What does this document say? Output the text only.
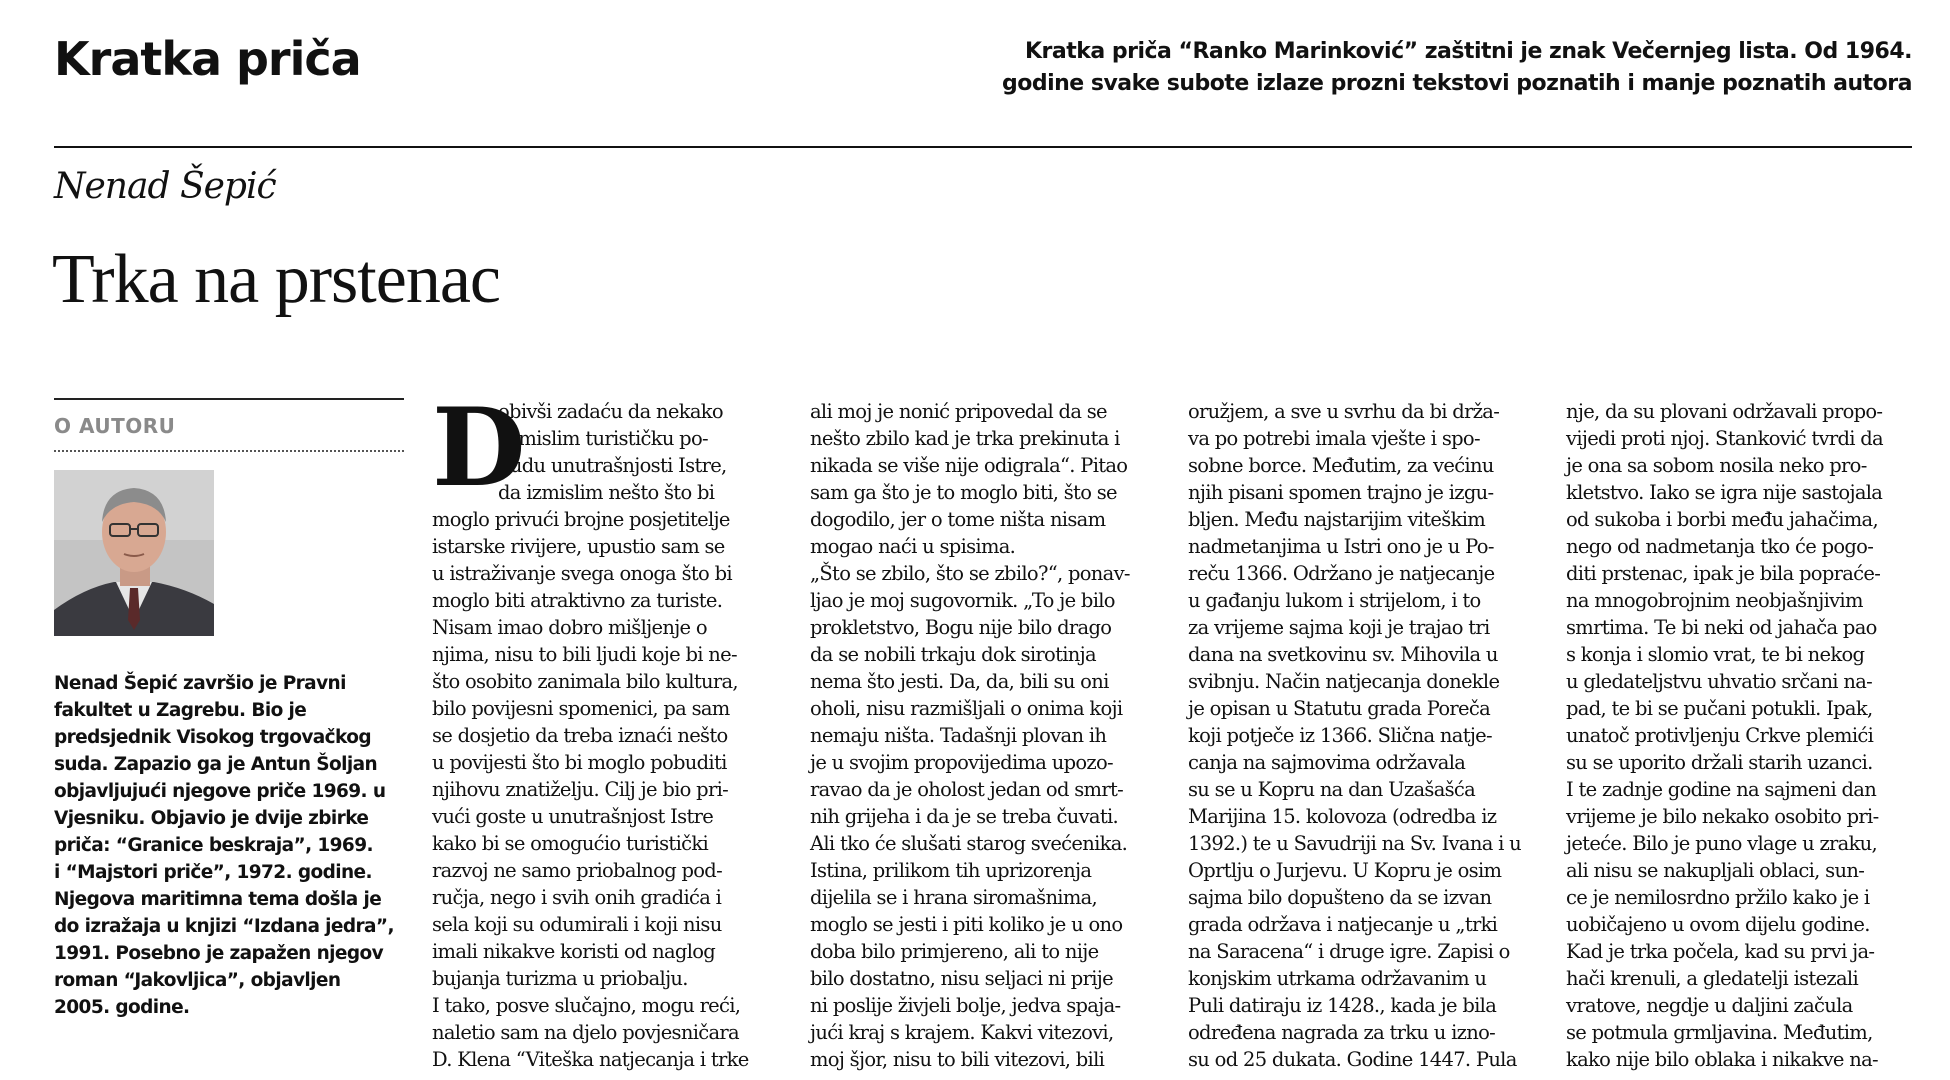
Kratka priča	Kratka priča “Ranko Marinković” zaštitni je znak Večernjeg lista. Od 1964.
godine svake subote izlaze prozni tekstovi poznatih i manje poznatih autora
Nenad Šepić
Trka na prstenac
O AUTORU
Nenad Šepić završio je Pravni
fakultet u Zagrebu. Bio je
predsjednik Visokog trgovačkog
suda. Zapazio ga je Antun Šoljan
objavljujući njegove priče 1969. u
Vjesniku. Objavio je dvije zbirke
priča: “Granice beskraja”, 1969.
i “Majstori priče”, 1972. godine.
Njegova maritimna tema došla je
do izražaja u knjizi “Izdana jedra”,
1991. Posebno je zapažen njegov
roman “Jakovljica”, objavljen
2005. godine.
D
obivši zadaću da nekako
osmislim turističku po-
nudu unutrašnjosti Istre,
da izmislim nešto što bi
moglo privući brojne posjetitelje
istarske rivijere, upustio sam se
u istraživanje svega onoga što bi
moglo biti atraktivno za turiste.
Nisam imao dobro mišljenje o
njima, nisu to bili ljudi koje bi ne-
što osobito zanimala bilo kultura,
bilo povijesni spomenici, pa sam
se dosjetio da treba iznaći nešto
u povijesti što bi moglo pobuditi
njihovu znatiželju. Cilj je bio pri-
vući goste u unutrašnjost Istre
kako bi se omogućio turistički
razvoj ne samo priobalnog pod-
ručja, nego i svih onih gradića i
sela koji su odumirali i koji nisu
imali nikakve koristi od naglog
bujanja turizma u priobalju.
I tako, posve slučajno, mogu reći,
naletio sam na djelo povjesničara
D. Klena “Viteška natjecanja i trke
ali moj je nonić pripovedal da se
nešto zbilo kad je trka prekinuta i
nikada se više nije odigrala“. Pitao
sam ga što je to moglo biti, što se
dogodilo, jer o tome ništa nisam
mogao naći u spisima.
„Što se zbilo, što se zbilo?“, ponav-
ljao je moj sugovornik. „To je bilo
prokletstvo, Bogu nije bilo drago
da se nobili trkaju dok sirotinja
nema što jesti. Da, da, bili su oni
oholi, nisu razmišljali o onima koji
nemaju ništa. Tadašnji plovan ih
je u svojim propovijedima upozo-
ravao da je oholost jedan od smrt-
nih grijeha i da je se treba čuvati.
Ali tko će slušati starog svećenika.
Istina, prilikom tih uprizorenja
dijelila se i hrana siromašnima,
moglo se jesti i piti koliko je u ono
doba bilo primjereno, ali to nije
bilo dostatno, nisu seljaci ni prije
ni poslije živjeli bolje, jedva spaja-
jući kraj s krajem. Kakvi vitezovi,
moj šjor, nisu to bili vitezovi, bili
oružjem, a sve u svrhu da bi drža-
va po potrebi imala vješte i spo-
sobne borce. Međutim, za većinu
njih pisani spomen trajno je izgu-
bljen. Među najstarijim viteškim
nadmetanjima u Istri ono je u Po-
reču 1366. Održano je natjecanje
u gađanju lukom i strijelom, i to
za vrijeme sajma koji je trajao tri
dana na svetkovinu sv. Mihovila u
svibnju. Način natjecanja donekle
je opisan u Statutu grada Poreča
koji potječe iz 1366. Slična natje-
canja na sajmovima održavala
su se u Kopru na dan Uzašašća
Marijina 15. kolovoza (odredba iz
1392.) te u Savudriji na Sv. Ivana i u
Oprtlju o Jurjevu. U Kopru je osim
sajma bilo dopušteno da se izvan
grada održava i natjecanje u „trki
na Saracena“ i druge igre. Zapisi o
konjskim utrkama održavanim u
Puli datiraju iz 1428., kada je bila
određena nagrada za trku u izno-
su od 25 dukata. Godine 1447. Pula
nje, da su plovani održavali propo-
vijedi proti njoj. Stanković tvrdi da
je ona sa sobom nosila neko pro-
kletstvo. Iako se igra nije sastojala
od sukoba i borbi među jahačima,
nego od nadmetanja tko će pogo-
diti prstenac, ipak je bila popraće-
na mnogobrojnim neobjašnjivim
smrtima. Te bi neki od jahača pao
s konja i slomio vrat, te bi nekog
u gledateljstvu uhvatio srčani na-
pad, te bi se pučani potukli. Ipak,
unatoč protivljenju Crkve plemići
su se uporito držali starih uzanci.
I te zadnje godine na sajmeni dan
vrijeme je bilo nekako osobito pri-
jeteće. Bilo je puno vlage u zraku,
ali nisu se nakupljali oblaci, sun-
ce je nemilosrdno pržilo kako je i
uobičajeno u ovom dijelu godine.
Kad je trka počela, kad su prvi ja-
hači krenuli, a gledatelji istezali
vratove, negdje u daljini začula
se potmula grmljavina. Međutim,
kako nije bilo oblaka i nikakve na-
